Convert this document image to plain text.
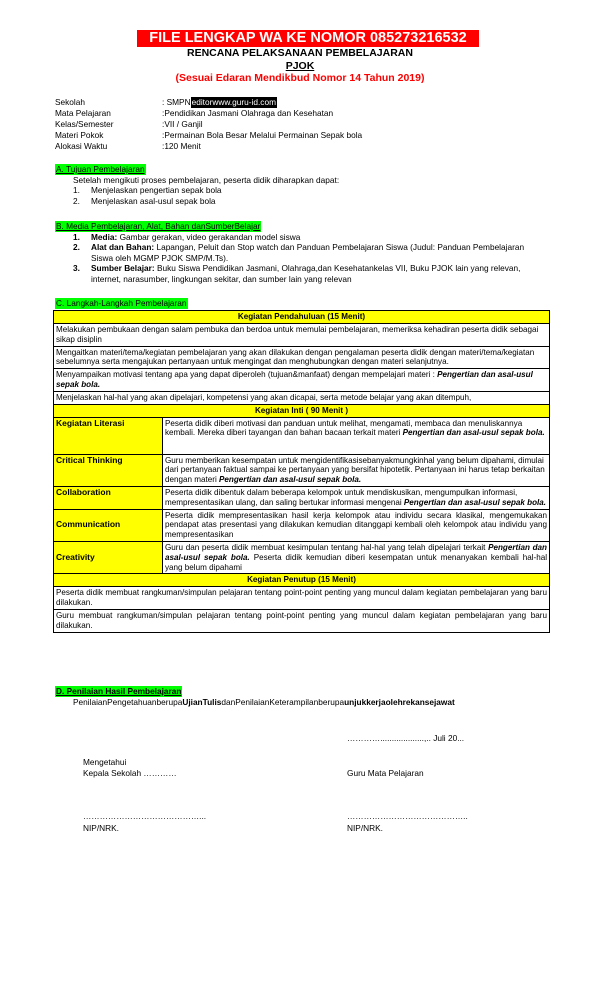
FILE LENGKAP WA KE NOMOR 085273216532
RENCANA PELAKSANAAN PEMBELAJARAN
PJOK
(Sesuai Edaran Mendikbud Nomor 14 Tahun 2019)
Sekolah	: SMPN editorwww.guru-id.com
Mata Pelajaran	: Pendidikan Jasmani Olahraga dan Kesehatan
Kelas/Semester	: VII / Ganjil
Materi Pokok	: Permainan Bola Besar Melalui Permainan Sepak bola
Alokasi Waktu	: 120 Menit
A. Tujuan Pembelajaran
Setelah mengikuti proses pembelajaran, peserta didik diharapkan dapat:
1.	Menjelaskan pengertian sepak bola
2.	Menjelaskan asal-usul sepak bola
B. Media Pembelajaran, Alat, Bahan danSumberBelajar
1.	Media: Gambar gerakan, video gerakandan model siswa
2.	Alat dan Bahan: Lapangan, Peluit dan Stop watch dan Panduan Pembelajaran Siswa (Judul: Panduan Pembelajaran Siswa oleh MGMP PJOK SMP/M.Ts).
3.	Sumber Belajar: Buku Siswa Pendidikan Jasmani, Olahraga,dan Kesehatankelas VII, Buku PJOK lain yang relevan, internet, narasumber, lingkungan sekitar, dan sumber lain yang relevan
C. Langkah-Langkah Pembelajaran
Kegiatan Pendahuluan (15 Menit)	
Melakukan pembukaan dengan salam pembuka dan berdoa untuk memulai pembelajaran, memeriksa kehadiran peserta didik sebagai sikap disiplin	
Mengaitkan materi/tema/kegiatan pembelajaran yang akan dilakukan dengan pengalaman peserta didik dengan materi/tema/kegiatan sebelumnya serta mengajukan pertanyaan untuk mengingat dan menghubungkan dengan materi selanjutnya.	
Menyampaikan motivasi tentang apa yang dapat diperoleh (tujuan&manfaat) dengan mempelajari materi : Pengertian dan asal-usul sepak bola.	
Menjelaskan hal-hal yang akan dipelajari, kompetensi yang akan dicapai, serta metode belajar yang akan ditempuh,	
Kegiatan Inti ( 90 Menit )	
Kegiatan Literasi	Peserta didik diberi motivasi dan panduan untuk melihat, mengamati, membaca dan menuliskannya kembali. Mereka diberi tayangan dan bahan bacaan terkait materi Pengertian dan asal-usul sepak bola.
Critical Thinking	Guru memberikan kesempatan untuk mengidentifikasisebanyakmungkinhal yang belum dipahami, dimulai dari pertanyaan faktual sampai ke pertanyaan yang bersifat hipotetik. Pertanyaan ini harus tetap berkaitan dengan materi Pengertian dan asal-usul sepak bola.
Collaboration	Peserta didik dibentuk dalam beberapa kelompok untuk mendiskusikan, mengumpulkan informasi, mempresentasikan ulang, dan saling bertukar informasi mengenai Pengertian dan asal-usul sepak bola.
Communication	Peserta didik mempresentasikan hasil kerja kelompok atau individu secara klasikal, mengemukakan pendapat atas presentasi yang dilakukan kemudian ditanggapi kembali oleh kelompok atau individu yang mempresentasikan
Creativity	Guru dan peserta didik membuat kesimpulan tentang hal-hal yang telah dipelajari terkait Pengertian dan asal-usul sepak bola. Peserta didik kemudian diberi kesempatan untuk menanyakan kembali hal-hal yang belum dipahami
Kegiatan Penutup (15 Menit)	
Peserta didik membuat rangkuman/simpulan pelajaran tentang point-point penting yang muncul dalam kegiatan pembelajaran yang baru dilakukan.	
Guru membuat rangkuman/simpulan pelajaran tentang point-point penting yang muncul dalam kegiatan pembelajaran yang baru dilakukan.	
D. Penilaian Hasil Pembelajaran
PenilaianPengetahuanberupaUjianTulisdanPenilaianKeterampilanberupaunjukkerjaolehrekansejawat
…………...................,.. Juli 20...
Mengetahui
Kepala Sekolah …………	Guru Mata Pelajaran
……………………………………...	……………………………………..
NIP/NRK.	NIP/NRK.
